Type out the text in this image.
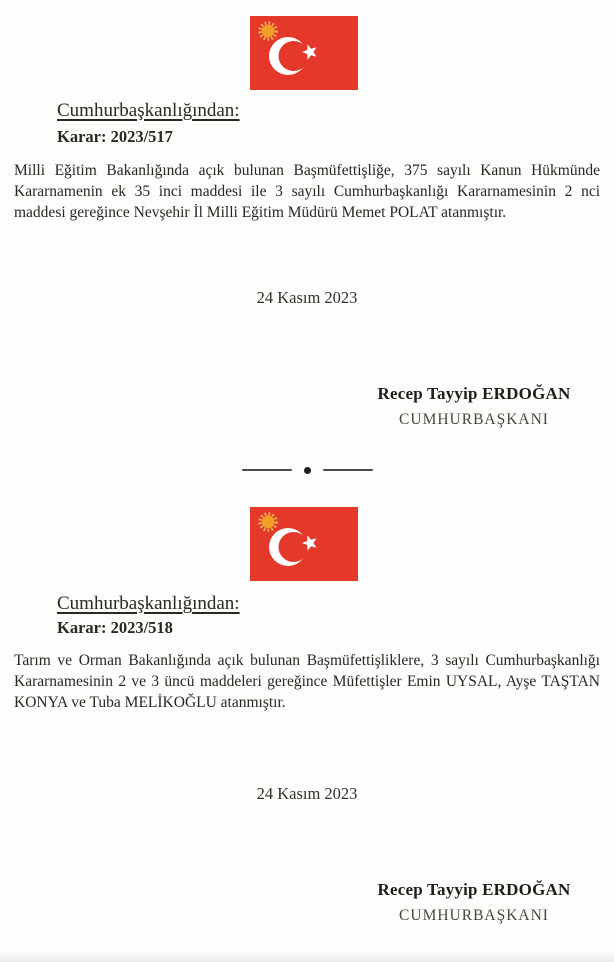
Cumhurbaşkanlığından:
Karar: 2023/517
Milli Eğitim Bakanlığında açık bulunan Başmüfettişliğe, 375 sayılı Kanun Hükmünde Kararnamenin ek 35 inci maddesi ile 3 sayılı Cumhurbaşkanlığı Kararnamesinin 2 nci maddesi gereğince Nevşehir İl Milli Eğitim Müdürü Memet POLAT atanmıştır.
24 Kasım 2023
Recep Tayyip ERDOĞAN
CUMHURBAŞKANI
Cumhurbaşkanlığından:
Karar: 2023/518
Tarım ve Orman Bakanlığında açık bulunan Başmüfettişliklere, 3 sayılı Cumhurbaşkanlığı Kararnamesinin 2 ve 3 üncü maddeleri gereğince Müfettişler Emin UYSAL, Ayşe TAŞTAN KONYA ve Tuba MELİKOĞLU atanmıştır.
24 Kasım 2023
Recep Tayyip ERDOĞAN
CUMHURBAŞKANI
